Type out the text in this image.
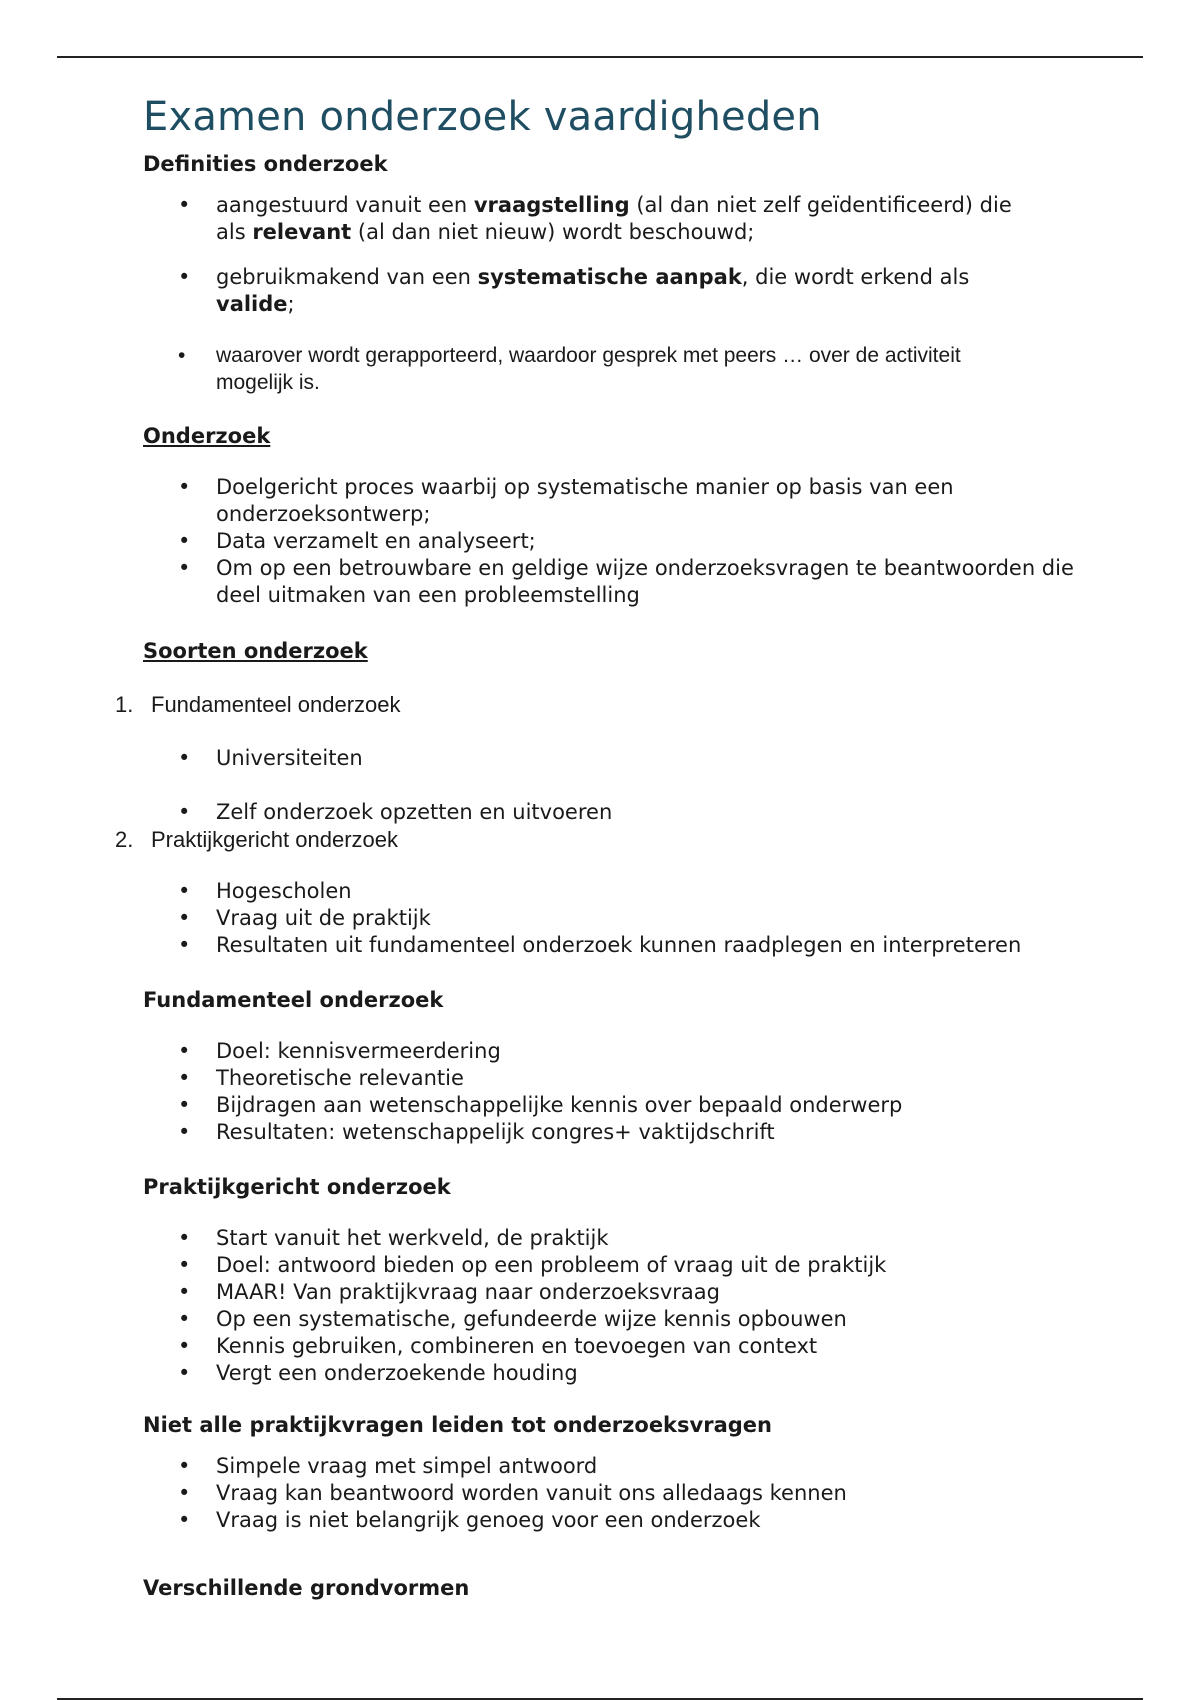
Examen onderzoek vaardigheden

Definities onderzoek

• aangestuurd vanuit een vraagstelling (al dan niet zelf geïdentificeerd) die
als relevant (al dan niet nieuw) wordt beschouwd;
• gebruikmakend van een systematische aanpak, die wordt erkend als
valide;
• waarover wordt gerapporteerd, waardoor gesprek met peers … over de activiteit mogelijk is.

Onderzoek

• Doelgericht proces waarbij op systematische manier op basis van een onderzoeksontwerp;
• Data verzamelt en analyseert;
• Om op een betrouwbare en geldige wijze onderzoeksvragen te beantwoorden die deel uitmaken van een probleemstelling

Soorten onderzoek

1. Fundamenteel onderzoek
• Universiteiten
• Zelf onderzoek opzetten en uitvoeren
2. Praktijkgericht onderzoek
• Hogescholen
• Vraag uit de praktijk
• Resultaten uit fundamenteel onderzoek kunnen raadplegen en interpreteren

Fundamenteel onderzoek

• Doel: kennisvermeerdering
• Theoretische relevantie
• Bijdragen aan wetenschappelijke kennis over bepaald onderwerp
• Resultaten: wetenschappelijk congres+ vaktijdschrift

Praktijkgericht onderzoek

• Start vanuit het werkveld, de praktijk
• Doel: antwoord bieden op een probleem of vraag uit de praktijk
• MAAR! Van praktijkvraag naar onderzoeksvraag
• Op een systematische, gefundeerde wijze kennis opbouwen
• Kennis gebruiken, combineren en toevoegen van context
• Vergt een onderzoekende houding

Niet alle praktijkvragen leiden tot onderzoeksvragen

• Simpele vraag met simpel antwoord
• Vraag kan beantwoord worden vanuit ons alledaags kennen
• Vraag is niet belangrijk genoeg voor een onderzoek

Verschillende grondvormen
